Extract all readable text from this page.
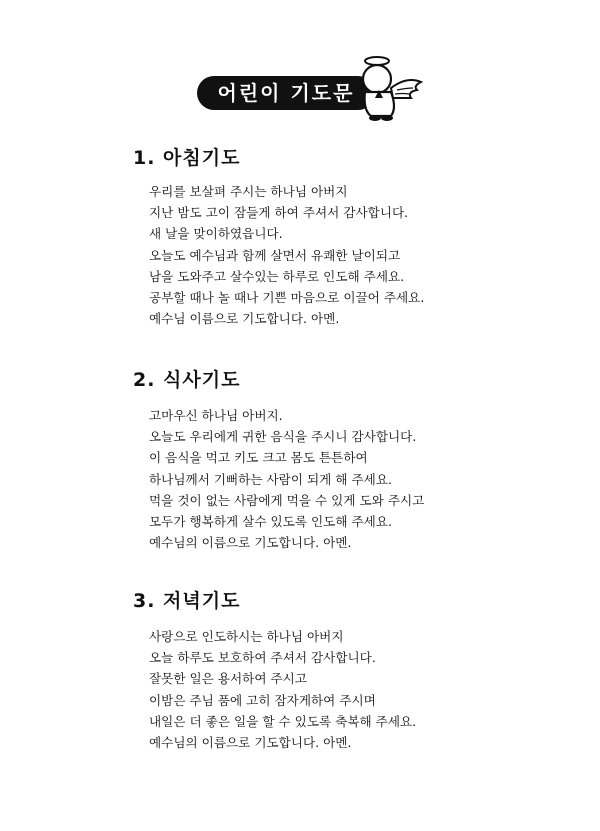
어린이 기도문
1. 아침기도
우리를 보살펴 주시는 하나님 아버지
지난 밤도 고이 잠들게 하여 주셔서 감사합니다.
새 날을 맞이하였읍니다.
오늘도 예수님과 함께 살면서 유쾌한 날이되고
남을 도와주고 살수있는 하루로 인도해 주세요.
공부할 때나 놀 때나 기쁜 마음으로 이끌어 주세요.
예수님 이름으로 기도합니다. 아멘.
2. 식사기도
고마우신 하나님 아버지.
오늘도 우리에게 귀한 음식을 주시니 감사합니다.
이 음식을 먹고 키도 크고 몸도 튼튼하여
하나님께서 기뻐하는 사람이 되게 해 주세요.
먹을 것이 없는 사람에게 먹을 수 있게 도와 주시고
모두가 행복하게 살수 있도록 인도해 주세요.
예수님의 이름으로 기도합니다. 아멘.
3. 저녁기도
사랑으로 인도하시는 하나님 아버지
오늘 하루도 보호하여 주셔서 감사합니다.
잘못한 일은 용서하여 주시고
이밤은 주님 품에 고히 잠자게하여 주시며
내일은 더 좋은 일을 할 수 있도록 축복해 주세요.
예수님의 이름으로 기도합니다. 아멘.
